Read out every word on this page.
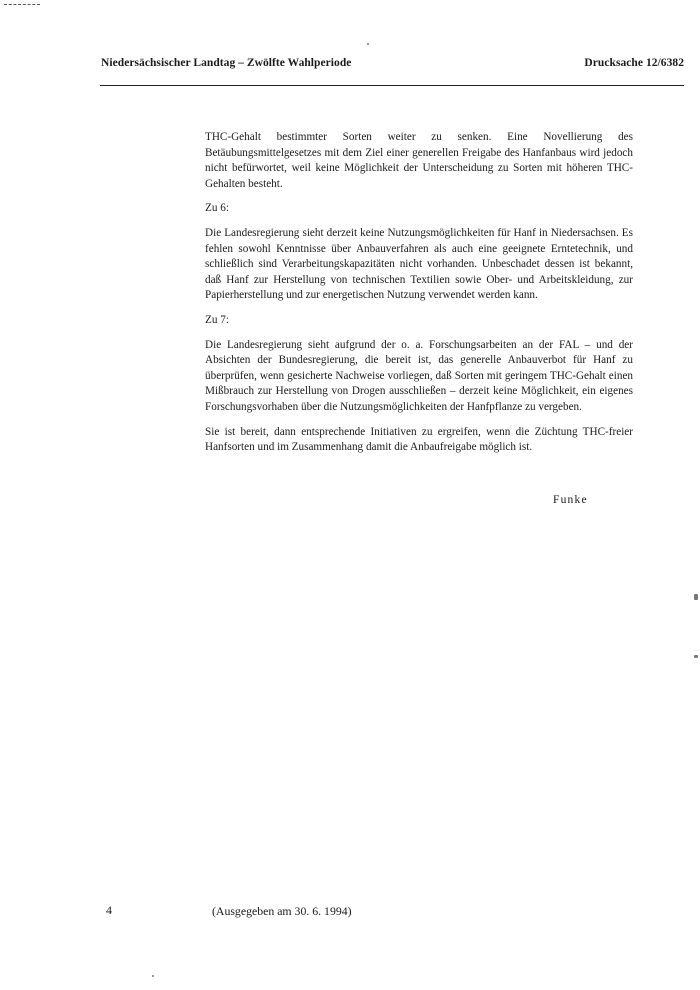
Niedersächsischer Landtag – Zwölfte Wahlperiode	Drucksache 12/6382

THC-Gehalt bestimmter Sorten weiter zu senken. Eine Novellierung des Betäubungsmittelgesetzes mit dem Ziel einer generellen Freigabe des Hanfanbaus wird jedoch nicht befürwortet, weil keine Möglichkeit der Unterscheidung zu Sorten mit höheren THC-Gehalten besteht.

Zu 6:

Die Landesregierung sieht derzeit keine Nutzungsmöglichkeiten für Hanf in Niedersachsen. Es fehlen sowohl Kenntnisse über Anbauverfahren als auch eine geeignete Erntetechnik, und schließlich sind Verarbeitungskapazitäten nicht vorhanden. Unbeschadet dessen ist bekannt, daß Hanf zur Herstellung von technischen Textilien sowie Ober- und Arbeitskleidung, zur Papierherstellung und zur energetischen Nutzung verwendet werden kann.

Zu 7:

Die Landesregierung sieht aufgrund der o. a. Forschungsarbeiten an der FAL – und der Absichten der Bundesregierung, die bereit ist, das generelle Anbauverbot für Hanf zu überprüfen, wenn gesicherte Nachweise vorliegen, daß Sorten mit geringem THC-Gehalt einen Mißbrauch zur Herstellung von Drogen ausschließen – derzeit keine Möglichkeit, ein eigenes Forschungsvorhaben über die Nutzungsmöglichkeiten der Hanfpflanze zu vergeben.

Sie ist bereit, dann entsprechende Initiativen zu ergreifen, wenn die Züchtung THC-freier Hanfsorten und im Zusammenhang damit die Anbaufreigabe möglich ist.

Funke
4	(Ausgegeben am 30. 6. 1994)
